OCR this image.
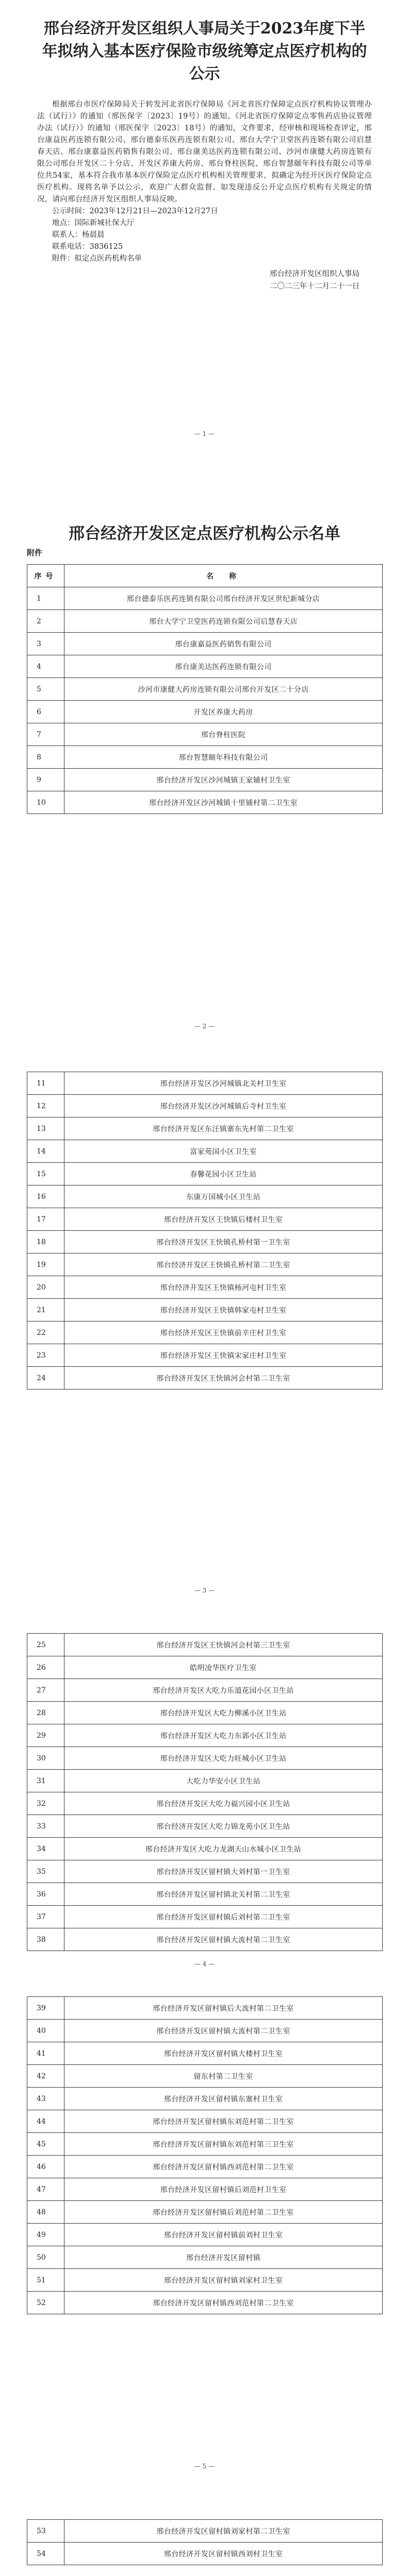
邢台经济开发区组织人事局关于2023年度下半年拟纳入基本医疗保险市级统筹定点医疗机构的公示

根据邢台市医疗保障局关于转发河北省医疗保障局《河北省医疗保障定点医疗机构协议管理办法（试行）》的通知（邢医保字〔2023〕19号）的通知、《河北省医疗保障定点零售药店协议管理办法（试行）》的通知（邢医保字〔2023〕18号）的通知，文件要求，经审核和现场检查评定，邢台康益医药连锁有限公司、邢台德泰乐医药连锁有限公司、邢台大学宁卫堂医药连锁有限公司启慧春天店、邢台康嘉益医药销售有限公司、邢台康美达医药连锁有限公司、沙河市康健大药房连锁有限公司邢台开发区二十分店、开发区养康大药房、邢台脊柱医院、邢台智慧颐年科技有限公司等单位共54家，基本符合我市基本医疗保险定点医疗机构相关管理要求，拟确定为经开区医疗保险定点医疗机构。现将名单予以公示，欢迎广大群众监督。如发现违反公开定点医疗机构有关规定的情况，请向邢台经济开发区组织人事局反映。

公示时间：2023年12月21日—2023年12月27日
地点：国际新城社保大厅
联系人：杨晨晨
联系电话：3836125
附件：拟定点医药机构名单
邢台经济开发区组织人事局
二〇二三年十二月二十一日
— 1 —
邢台经济开发区定点医疗机构公示名单
附件
序号	名　称
1	邢台德泰乐医药连锁有限公司邢台经济开发区世纪新城分店
2	邢台大学宁卫堂医药连锁有限公司启慧春天店
3	邢台康嘉益医药销售有限公司
4	邢台康美达医药连锁有限公司
5	沙河市康健大药房连锁有限公司邢台开发区二十分店
6	开发区养康大药房
7	邢台脊柱医院
8	邢台智慧颐年科技有限公司
9	邢台经济开发区沙河城镇王家辅村卫生室
10	邢台经济开发区沙河城镇十里铺村第二卫生室
— 2 —
11	邢台经济开发区沙河城镇北关村卫生室
12	邢台经济开发区沙河城镇后寺村卫生室
13	邢台经济开发区东汪镇寨东先村第二卫生室
14	富家苑国小区卫生室
15	春馨花园小区卫生站
16	东康万国城小区卫生站
17	邢台经济开发区王快镇后楼村卫生室
18	邢台经济开发区王快镇孔桥村第一卫生室
19	邢台经济开发区王快镇孔桥村第二卫生室
20	邢台经济开发区王快镇杨河屯村卫生室
21	邢台经济开发区王快镇韩家屯村卫生室
22	邢台经济开发区王快镇前辛庄村卫生室
23	邢台经济开发区王快镇宋家庄村卫生室
24	邢台经济开发区王快镇河会村第二卫生室
— 3 —
25	邢台经济开发区王快镇河会村第三卫生室
26	皓明凌华医疗卫生室
27	邢台经济开发区大吃力乐道花园小区卫生站
28	邢台经济开发区大吃力柳溪小区卫生站
29	邢台经济开发区大吃力东郭小区卫生站
30	邢台经济开发区大吃力旺城小区卫生站
31	大吃力华安小区卫生站
32	邢台经济开发区大吃力福兴园小区卫生站
33	邢台经济开发区大吃力锦龙苑小区卫生站
34	邢台经济开发区大吃力龙湖天山水城小区卫生站
35	邢台经济开发区留村镇大刘村第一卫生室
36	邢台经济开发区留村镇北关村第二卫生室
37	邢台经济开发区留村镇后刘村第二卫生室
38	邢台经济开发区留村镇大流村第二卫生室
— 4 —
39	邢台经济开发区留村镇后大流村第二卫生室
40	邢台经济开发区留村镇大流村第二卫生室
41	邢台经济开发区留村镇大楼村卫生室
42	留东村第二卫生室
43	邢台经济开发区留村镇东寨村卫生室
44	邢台经济开发区留村镇东刘范村第二卫生室
45	邢台经济开发区留村镇东刘范村第三卫生室
46	邢台经济开发区留村镇西刘范村第二卫生室
47	邢台经济开发区留村镇后刘范村卫生室
48	邢台经济开发区留村镇后刘范村第二卫生室
49	邢台经济开发区留村镇前刘村卫生室
50	邢台经济开发区留村镇
51	邢台经济开发区留村镇刘家村卫生室
52	邢台经济开发区留村镇西刘范村第二卫生室
— 5 —
53	邢台经济开发区留村镇刘家村第二卫生室
54	邢台经济开发区留村镇西刘村卫生室
